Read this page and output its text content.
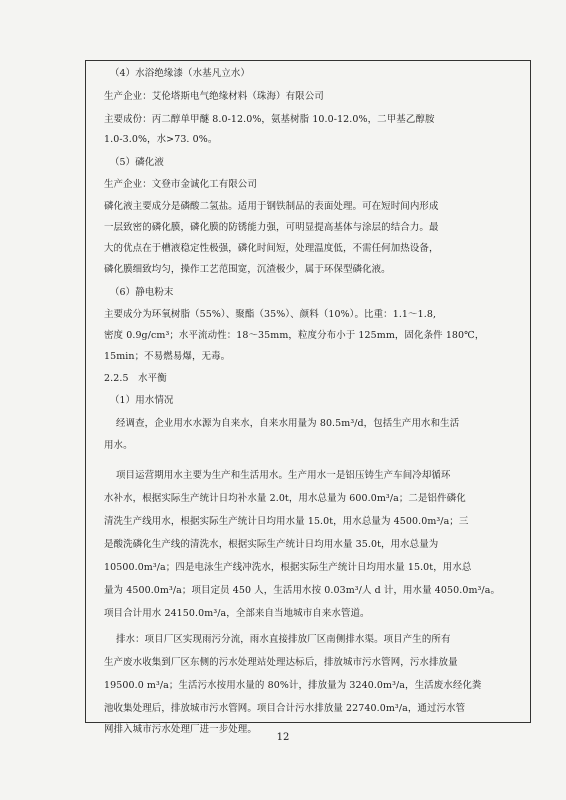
（4）水浴绝缘漆（水基凡立水）
生产企业：艾伦塔斯电气绝缘材料（珠海）有限公司
主要成份：丙二醇单甲醚 8.0-12.0%，氨基树脂 10.0-12.0%，二甲基乙醇胺
1.0-3.0%，水>73. 0%。
（5）磷化液
生产企业：文登市金诚化工有限公司
磷化液主要成分是磷酸二氢盐。适用于钢铁制品的表面处理。可在短时间内形成
一层致密的磷化膜，磷化膜的防锈能力强，可明显提高基体与涂层的结合力。最
大的优点在于槽液稳定性极强，磷化时间短，处理温度低，不需任何加热设备，
磷化膜细致均匀，操作工艺范围宽，沉渣极少，属于环保型磷化液。
（6）静电粉末
主要成分为环氧树脂（55%）、聚酯（35%）、颜料（10%）。比重：1.1～1.8,
密度 0.9g/cm³；水平流动性：18～35mm，粒度分布小于 125mm，固化条件 180℃，
15min；不易燃易爆，无毒。
2.2.5　水平衡
（1）用水情况
经调查，企业用水水源为自来水，自来水用量为 80.5m³/d，包括生产用水和生活
用水。
项目运营期用水主要为生产和生活用水。生产用水一是铝压铸生产车间冷却循环
水补水，根据实际生产统计日均补水量 2.0t，用水总量为 600.0m³/a；二是铝件磷化
清洗生产线用水，根据实际生产统计日均用水量 15.0t，用水总量为 4500.0m³/a；三
是酸洗磷化生产线的清洗水，根据实际生产统计日均用水量 35.0t，用水总量为
10500.0m³/a；四是电泳生产线冲洗水，根据实际生产统计日均用水量 15.0t，用水总
量为 4500.0m³/a；项目定员 450 人，生活用水按 0.03m³/人 d 计，用水量 4050.0m³/a。
项目合计用水 24150.0m³/a，全部来自当地城市自来水管道。
排水：项目厂区实现雨污分流，雨水直接排放厂区南侧排水渠。项目产生的所有
生产废水收集到厂区东侧的污水处理站处理达标后，排放城市污水管网，污水排放量
19500.0 m³/a；生活污水按用水量的 80%计，排放量为 3240.0m³/a，生活废水经化粪
池收集处理后，排放城市污水管网。项目合计污水排放量 22740.0m³/a，通过污水管
网排入城市污水处理厂进一步处理。
12
